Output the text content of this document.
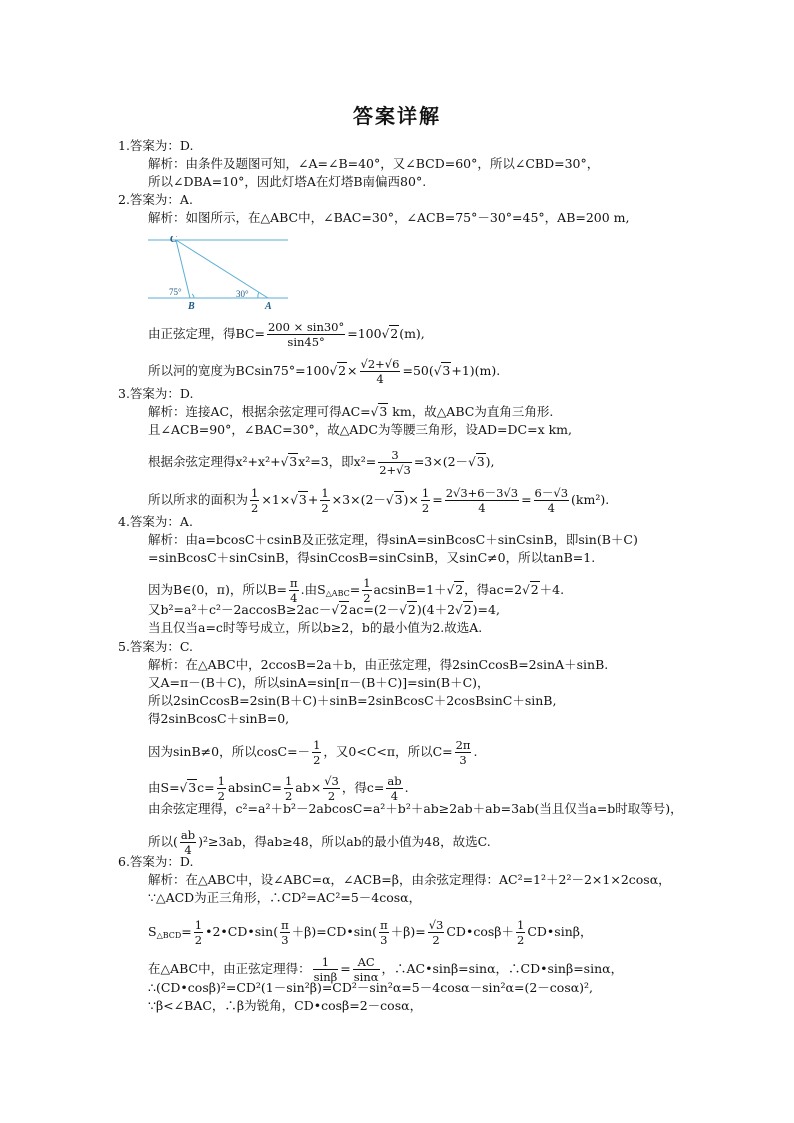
答案详解
1.答案为：D.
解析：由条件及题图可知，∠A=∠B=40°，又∠BCD=60°，所以∠CBD=30°，
所以∠DBA=10°，因此灯塔A在灯塔B南偏西80°.
2.答案为：A.
解析：如图所示，在△ABC中，∠BAC=30°，∠ACB=75°－30°=45°，AB=200 m,
C
B	A
75°	30°
由正弦定理，得$BC= \frac{200 \times \sin 30^\circ}{\sin 45^\circ} =100√2(m)$,
所以河的宽度为$BCsin75^\circ=100√2\times \frac{√2+√6}{4} =50(√3+1)(m)$.
3.答案为：D.
解析：连接AC，根据余弦定理可得AC=√3 km，故△ABC为直角三角形.
且∠ACB=90°，∠BAC=30°，故△ADC为等腰三角形，设AD=DC=x km,
根据余弦定理得x²+x²+√3x²=3，即$x^2= \frac{3}{2+√3} =3\times(2-√3)$,
所以所求的面积为 $\frac{1}{2} \times 1\times√3+ \frac{1}{2} \times 3\times(2-√3)\times \frac{1}{2} = \frac{2√3+6-3√3}{4} = \frac{6-√3}{4} (km^2)$.
4.答案为：A.
解析：由a=bcosC＋csinB及正弦定理，得sinA=sinBcosC＋sinCsinB，即sin(B＋C)
=sinBcosC＋sinCsinB，得sinCcosB=sinCsinB，又sinC≠0，所以tanB=1.
因为B∈(0，π)，所以$B= \frac{\pi}{4}$ .由$S_{\triangle ABC}= \frac{1}{2} acsinB=1+√2$，得ac=2√2＋4.
又b²=a²＋c²－2accosB≥2ac－√2ac=(2－√2)(4＋2√2)=4,
当且仅当a=c时等号成立，所以b≥2，b的最小值为2.故选A.
5.答案为：C.
解析：在△ABC中，2ccosB=2a＋b，由正弦定理，得2sinCcosB=2sinA＋sinB.
又A=π－(B＋C)，所以sinA=sin[π－(B＋C)]=sin(B＋C)，
所以2sinCcosB=2sin(B＋C)＋sinB=2sinBcosC＋2cosBsinC＋sinB,
得2sinBcosC＋sinB=0,
因为sinB≠0，所以$\cos C=- \frac{1}{2}$ ，又0<C<π，所以$C= \frac{2\pi}{3}$ .
由$S=√3c= \frac{1}{2} absinC= \frac{1}{2} ab\times \frac{√3}{2}$ ，得$c= \frac{ab}{4}$ .
由余弦定理得，c²=a²＋b²－2abcosC=a²＋b²＋ab≥2ab＋ab=3ab(当且仅当a=b时取等号)，
所以( $\frac{ab}{4} )^2\ge 3ab$，得ab≥48，所以ab的最小值为48，故选C.
6.答案为：D.
解析：在△ABC中，设∠ABC=α，∠ACB=β，由余弦定理得：AC²=1²＋2²－2×1×2cosα，
∵△ACD为正三角形，∴CD²=AC²=5－4cosα，
$S_{\triangle BCD}= \frac{1}{2}$ •2•CD•sin( $\frac{\pi}{3}$ ＋β)=CD•sin( $\frac{\pi}{3} +\beta)= \frac{√3}{2}$ CD•cosβ＋ $\frac{1}{2}$ CD•sinβ，
在△ABC中，由正弦定理得： $\frac{1}{\sin\beta} = \frac{AC}{\sin\alpha}$ ，∴AC•sinβ=sinα，∴CD•sinβ=sinα，
∴(CD•cosβ)²=CD²(1－sin²β)=CD²－sin²α=5－4cosα－sin²α=(2－cosα)²,
∵β<∠BAC，∴β为锐角，CD•cosβ=2－cosα，
